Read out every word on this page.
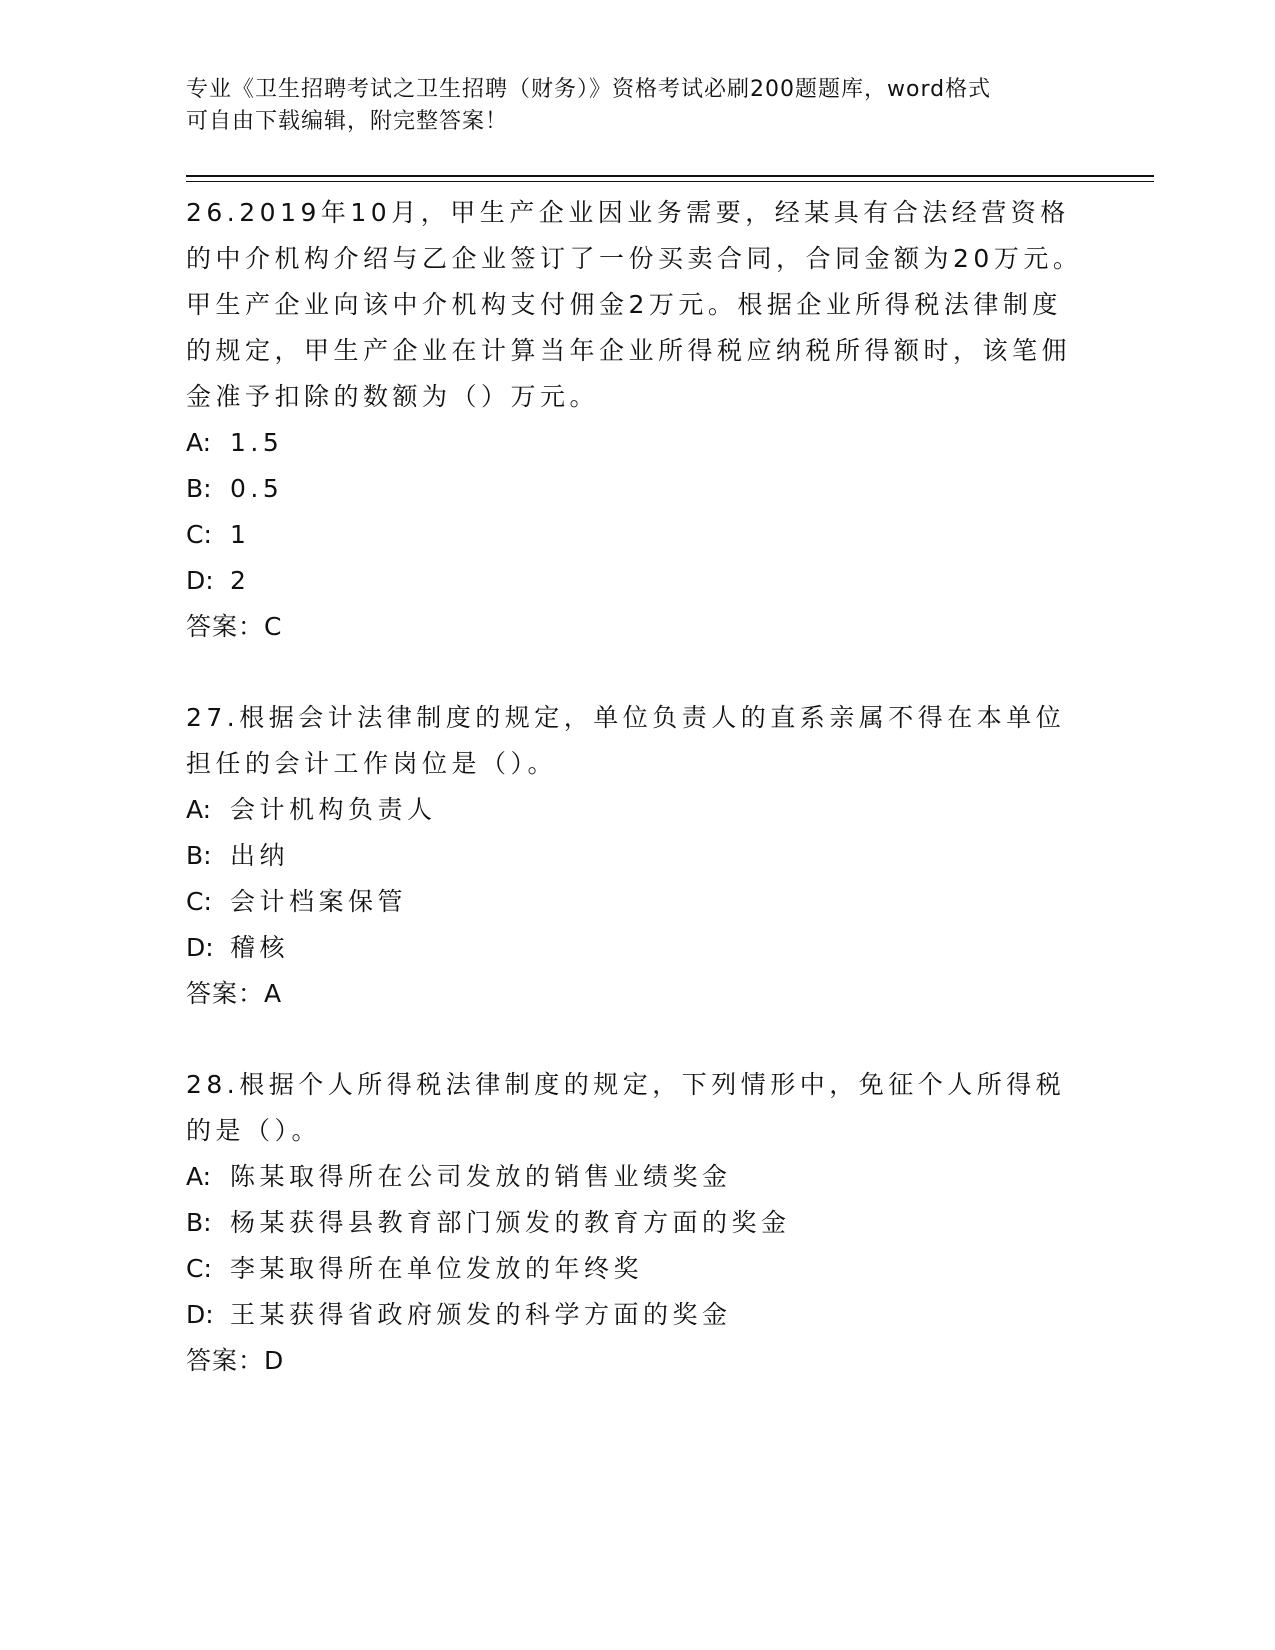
专业《卫生招聘考试之卫生招聘（财务）》资格考试必刷200题题库，word格式
可自由下载编辑，附完整答案！
26.2019年10月，甲生产企业因业务需要，经某具有合法经营资格的中介机构介绍与乙企业签订了一份买卖合同，合同金额为20万元。甲生产企业向该中介机构支付佣金2万元。根据企业所得税法律制度的规定，甲生产企业在计算当年企业所得税应纳税所得额时，该笔佣金准予扣除的数额为（）万元。
A: 1.5
B: 0.5
C: 1
D: 2
答案：C
27.根据会计法律制度的规定，单位负责人的直系亲属不得在本单位担任的会计工作岗位是（）。
A: 会计机构负责人
B: 出纳
C: 会计档案保管
D: 稽核
答案：A
28.根据个人所得税法律制度的规定，下列情形中，免征个人所得税的是（）。
A: 陈某取得所在公司发放的销售业绩奖金
B: 杨某获得县教育部门颁发的教育方面的奖金
C: 李某取得所在单位发放的年终奖
D: 王某获得省政府颁发的科学方面的奖金
答案：D
